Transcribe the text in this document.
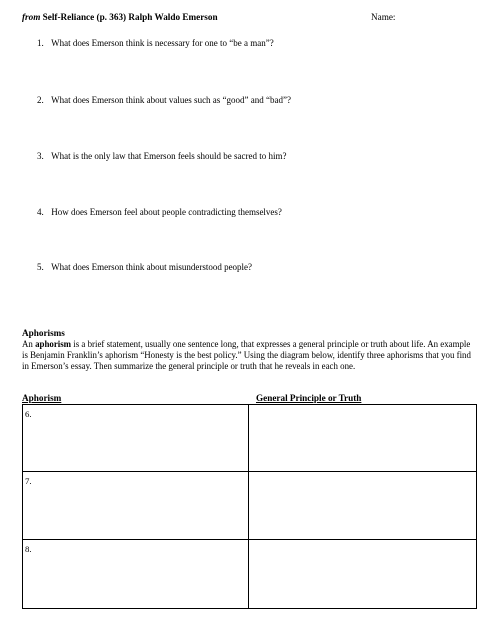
from Self-Reliance (p. 363) Ralph Waldo Emerson	Name:
1. What does Emerson think is necessary for one to “be a man”?
2. What does Emerson think about values such as “good” and “bad”?
3. What is the only law that Emerson feels should be sacred to him?
4. How does Emerson feel about people contradicting themselves?
5. What does Emerson think about misunderstood people?
Aphorisms
An aphorism is a brief statement, usually one sentence long, that expresses a general principle or truth about life. An example is Benjamin Franklin’s aphorism “Honesty is the best policy.” Using the diagram below, identify three aphorisms that you find in Emerson’s essay. Then summarize the general principle or truth that he reveals in each one.
Aphorism	General Principle or Truth
6.
7.
8.
